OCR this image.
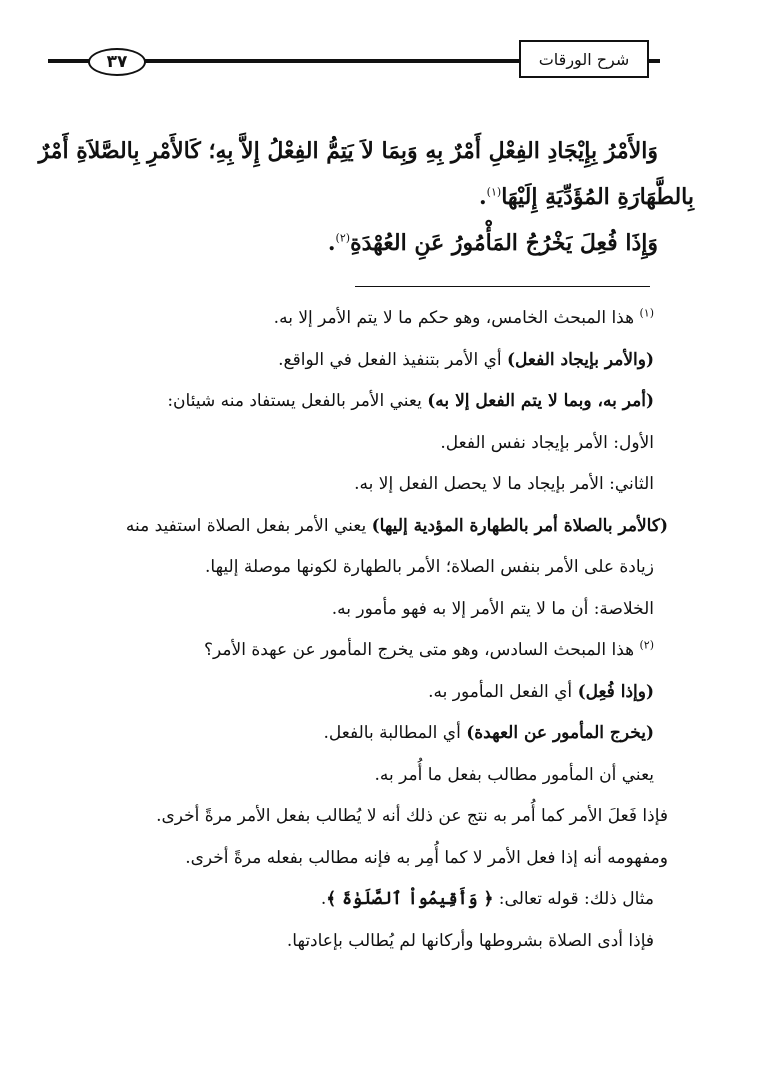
٣٧	شرح الورقات

وَالأَمْرُ بِإِيْجَادِ الفِعْلِ أَمْرٌ بِهِ وَبِمَا لاَ يَتِمُّ الفِعْلُ إِلاَّ بِهِ؛ كَالأَمْرِ بِالصَّلاَةِ أَمْرٌ

بِالطَّهَارَةِ المُؤَدِّيَةِ إِلَيْهَا$^{(١)}$.

وَإِذَا فُعِلَ يَخْرُجُ المَأْمُورُ عَنِ العُهْدَةِ$^{(٢)}$.

$^{(١)}$ هذا المبحث الخامس، وهو حكم ما لا يتم الأمر إلا به.

(والأمر بإيجاد الفعل) أي الأمر بتنفيذ الفعل في الواقع.

(أمر به، وبما لا يتم الفعل إلا به) يعني الأمر بالفعل يستفاد منه شيئان:

الأول: الأمر بإيجاد نفس الفعل.

الثاني: الأمر بإيجاد ما لا يحصل الفعل إلا به.

(كالأمر بالصلاة أمر بالطهارة المؤدية إليها) يعني الأمر بفعل الصلاة استفيد منه

زيادة على الأمر بنفس الصلاة؛ الأمر بالطهارة لكونها موصلة إليها.

الخلاصة: أن ما لا يتم الأمر إلا به فهو مأمور به.

$^{(٢)}$ هذا المبحث السادس، وهو متى يخرج المأمور عن عهدة الأمر؟

(وإذا فُعِل) أي الفعل المأمور به.

(يخرج المأمور عن العهدة) أي المطالبة بالفعل.

يعني أن المأمور مطالب بفعل ما أُمر به.

فإذا فَعلَ الأمر كما أُمر به نتج عن ذلك أنه لا يُطالب بفعل الأمر مرةً أخرى.

ومفهومه أنه إذا فعل الأمر لا كما أُمِر به فإنه مطالب بفعله مرةً أخرى.

مثال ذلك: قوله تعالى: ﴿ وَأَقِيمُواْ ٱلصَّلَوٰةَ ﴾.

فإذا أدى الصلاة بشروطها وأركانها لم يُطالب بإعادتها.
